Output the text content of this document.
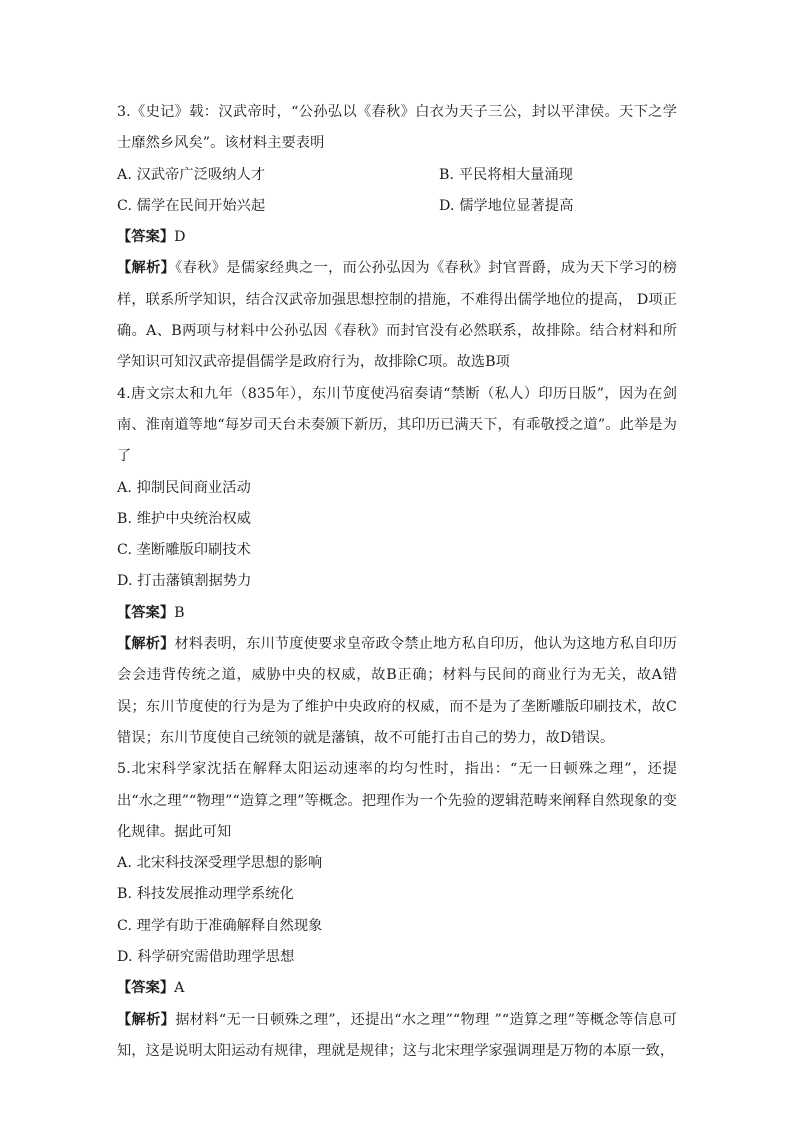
3.《史记》载：汉武帝时，“公孙弘以《春秋》白衣为天子三公，封以平津侯。天下之学士靡然乡风矣”。该材料主要表明

A. 汉武帝广泛吸纳人才	B. 平民将相大量涌现
C. 儒学在民间开始兴起	D. 儒学地位显著提高

【答案】D

【解析】《春秋》是儒家经典之一，而公孙弘因为《春秋》封官晋爵，成为天下学习的榜样，联系所学知识，结合汉武帝加强思想控制的措施，不难得出儒学地位的提高， D项正确。A、B两项与材料中公孙弘因《春秋》而封官没有必然联系，故排除。结合材料和所学知识可知汉武帝提倡儒学是政府行为，故排除C项。故选B项

4.唐文宗太和九年（835年），东川节度使冯宿奏请“禁断（私人）印历日版”，因为在剑南、淮南道等地“每岁司天台未奏颁下新历，其印历已满天下，有乖敬授之道”。此举是为了

A. 抑制民间商业活动

B. 维护中央统治权威

C. 垄断雕版印刷技术

D. 打击藩镇割据势力

【答案】B

【解析】材料表明，东川节度使要求皇帝政令禁止地方私自印历，他认为这地方私自印历会会违背传统之道，威胁中央的权威，故B正确；材料与民间的商业行为无关，故A错误；东川节度使的行为是为了维护中央政府的权威，而不是为了垄断雕版印刷技术，故C错误；东川节度使自己统领的就是藩镇，故不可能打击自己的势力，故D错误。

5.北宋科学家沈括在解释太阳运动速率的均匀性时，指出：“无一日顿殊之理”，还提出“水之理”“物理”“造算之理”等概念。把理作为一个先验的逻辑范畴来阐释自然现象的变化规律。据此可知

A. 北宋科技深受理学思想的影响

B. 科技发展推动理学系统化

C. 理学有助于准确解释自然现象

D. 科学研究需借助理学思想

【答案】A

【解析】据材料“无一日顿殊之理”，还提出“水之理”“物理 ”“造算之理”等概念等信息可知，这是说明太阳运动有规律，理就是规律；这与北宋理学家强调理是万物的本原一致，
